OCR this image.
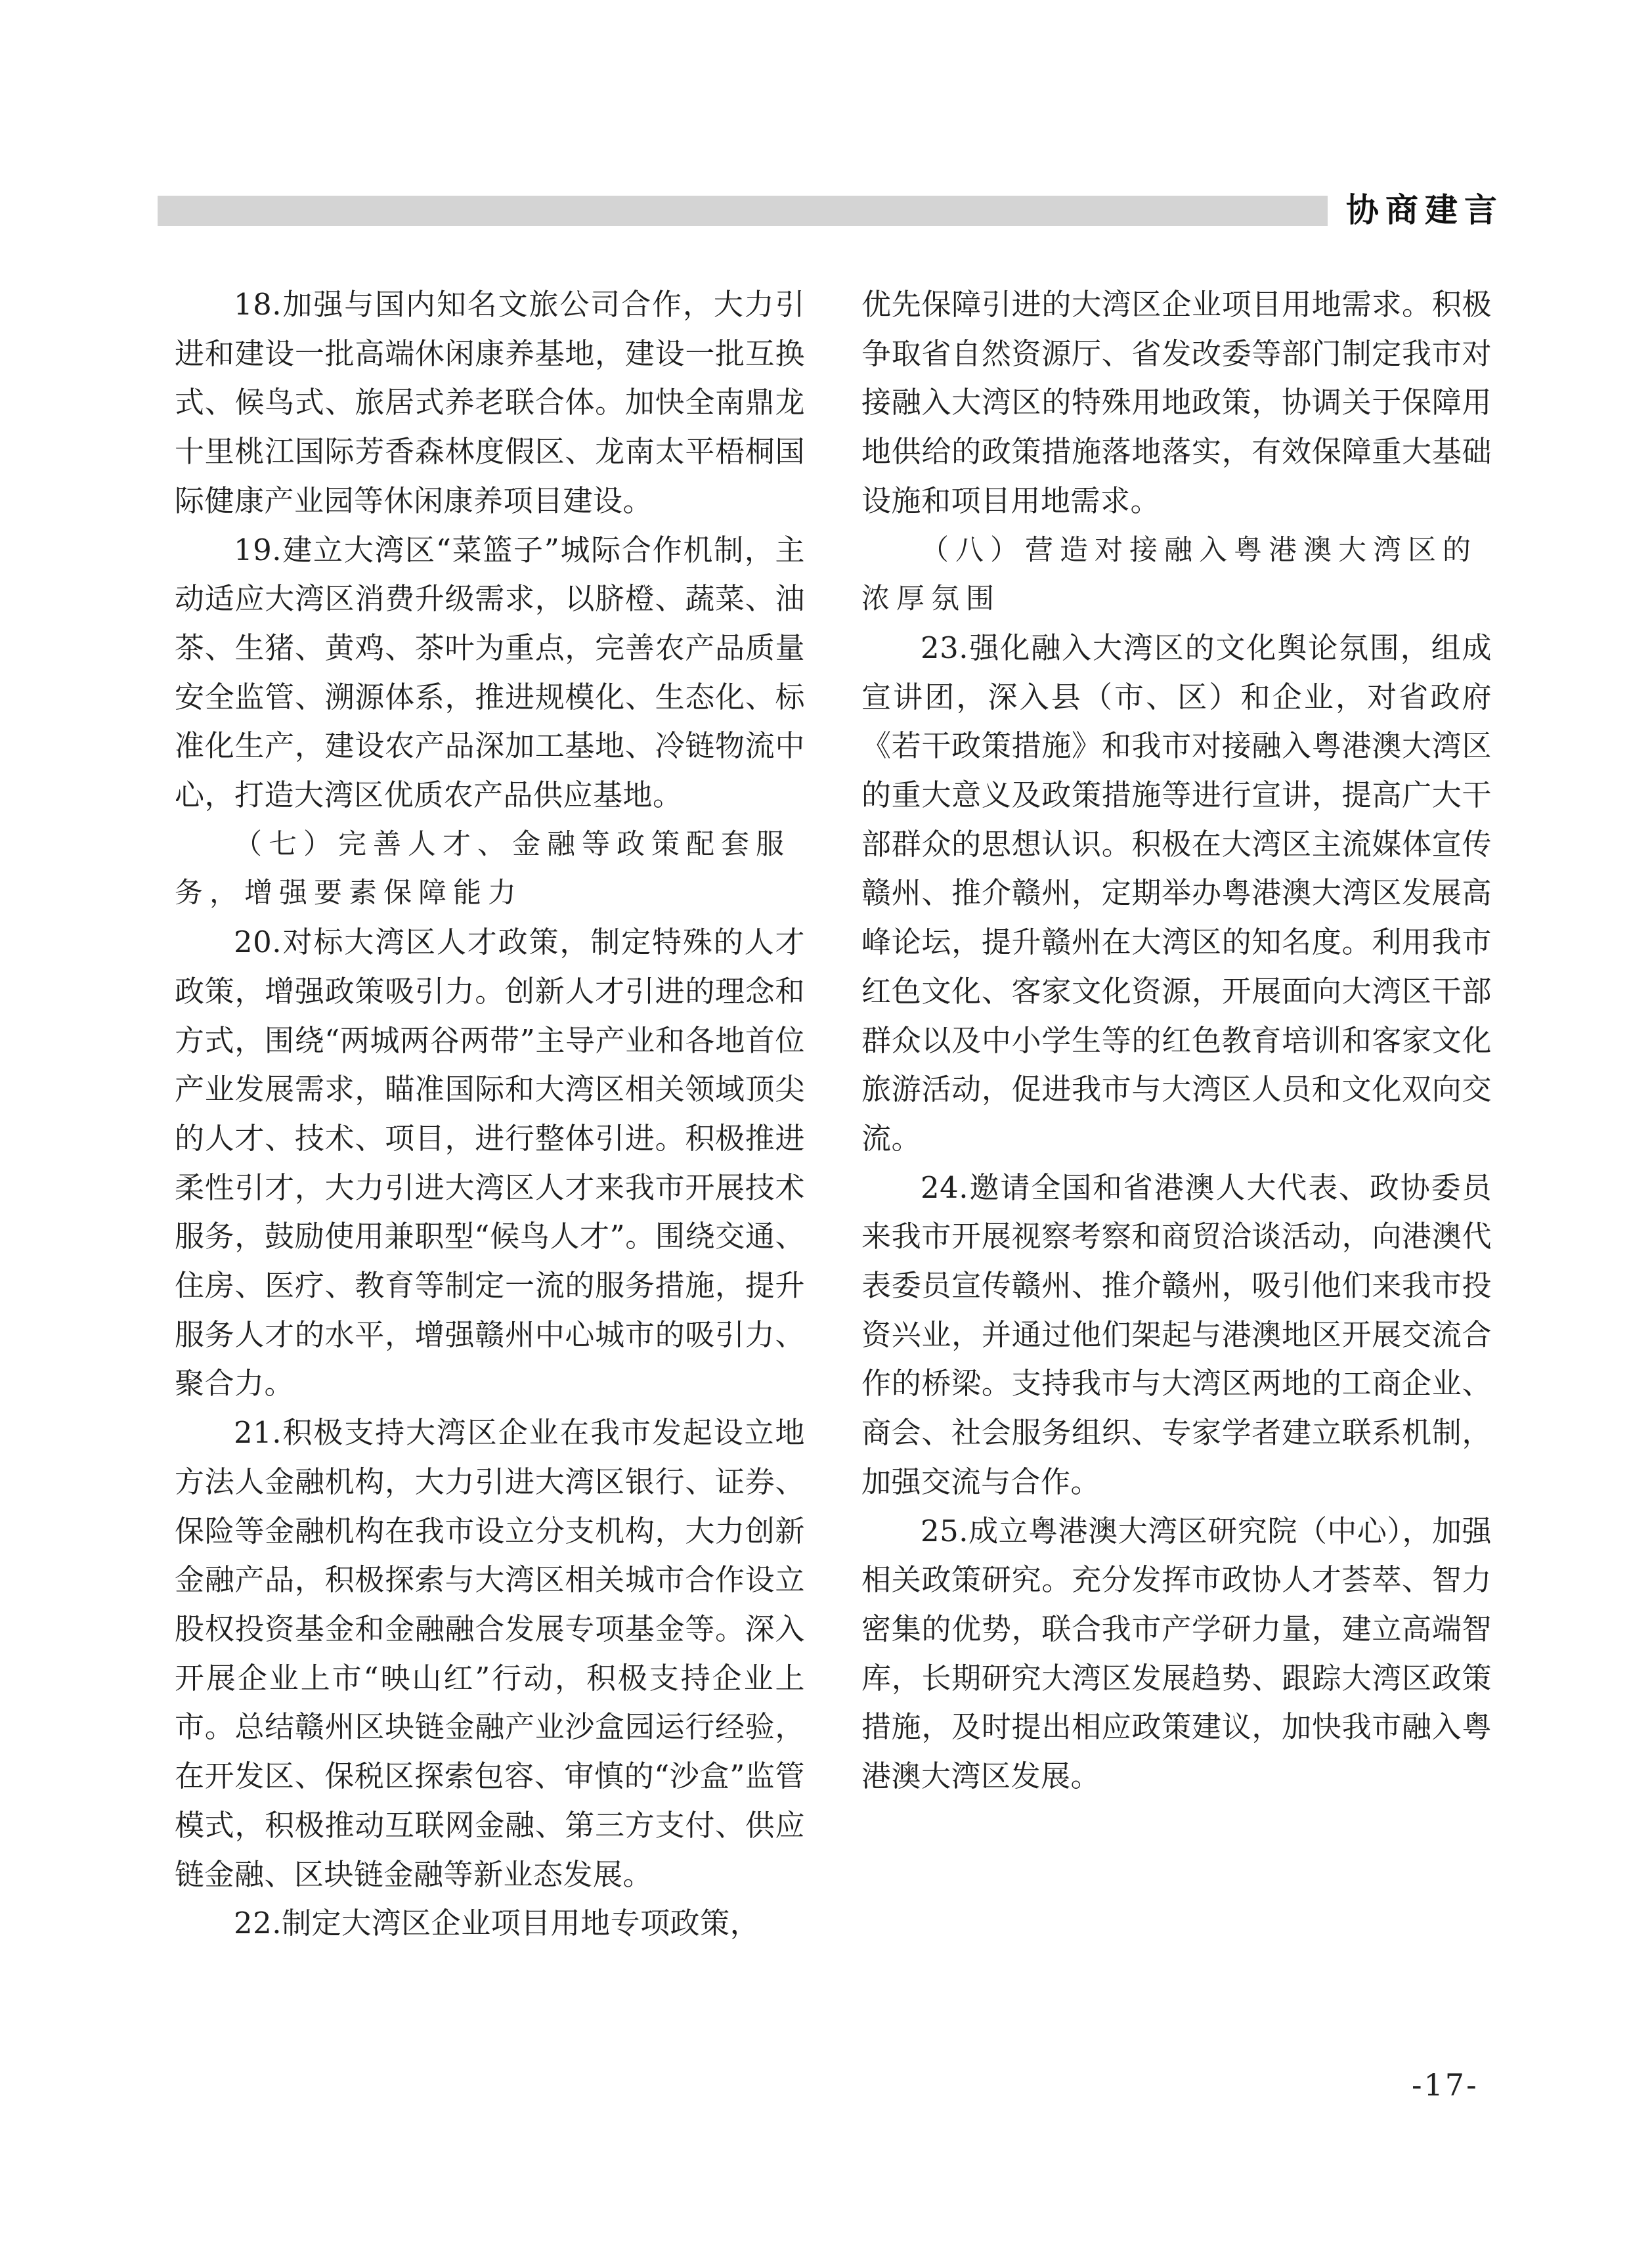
协商建言

18.加强与国内知名文旅公司合作，大力引进和建设一批高端休闲康养基地，建设一批互换式、候鸟式、旅居式养老联合体。加快全南鼎龙十里桃江国际芳香森林度假区、龙南太平梧桐国际健康产业园等休闲康养项目建设。

19.建立大湾区“菜篮子”城际合作机制，主动适应大湾区消费升级需求，以脐橙、蔬菜、油茶、生猪、黄鸡、茶叶为重点，完善农产品质量安全监管、溯源体系，推进规模化、生态化、标准化生产，建设农产品深加工基地、冷链物流中心，打造大湾区优质农产品供应基地。

（七）完善人才、金融等政策配套服务，增强要素保障能力

20.对标大湾区人才政策，制定特殊的人才政策，增强政策吸引力。创新人才引进的理念和方式，围绕“两城两谷两带”主导产业和各地首位产业发展需求，瞄准国际和大湾区相关领域顶尖的人才、技术、项目，进行整体引进。积极推进柔性引才，大力引进大湾区人才来我市开展技术服务，鼓励使用兼职型“候鸟人才”。围绕交通、住房、医疗、教育等制定一流的服务措施，提升服务人才的水平，增强赣州中心城市的吸引力、聚合力。

21.积极支持大湾区企业在我市发起设立地方法人金融机构，大力引进大湾区银行、证券、保险等金融机构在我市设立分支机构，大力创新金融产品，积极探索与大湾区相关城市合作设立股权投资基金和金融融合发展专项基金等。深入开展企业上市“映山红”行动，积极支持企业上市。总结赣州区块链金融产业沙盒园运行经验，在开发区、保税区探索包容、审慎的“沙盒”监管模式，积极推动互联网金融、第三方支付、供应链金融、区块链金融等新业态发展。

22.制定大湾区企业项目用地专项政策，

优先保障引进的大湾区企业项目用地需求。积极争取省自然资源厅、省发改委等部门制定我市对接融入大湾区的特殊用地政策，协调关于保障用地供给的政策措施落地落实，有效保障重大基础设施和项目用地需求。

（八）营造对接融入粤港澳大湾区的浓厚氛围

23.强化融入大湾区的文化舆论氛围，组成宣讲团，深入县（市、区）和企业，对省政府《若干政策措施》和我市对接融入粤港澳大湾区的重大意义及政策措施等进行宣讲，提高广大干部群众的思想认识。积极在大湾区主流媒体宣传赣州、推介赣州，定期举办粤港澳大湾区发展高峰论坛，提升赣州在大湾区的知名度。利用我市红色文化、客家文化资源，开展面向大湾区干部群众以及中小学生等的红色教育培训和客家文化旅游活动，促进我市与大湾区人员和文化双向交流。

24.邀请全国和省港澳人大代表、政协委员来我市开展视察考察和商贸洽谈活动，向港澳代表委员宣传赣州、推介赣州，吸引他们来我市投资兴业，并通过他们架起与港澳地区开展交流合作的桥梁。支持我市与大湾区两地的工商企业、商会、社会服务组织、专家学者建立联系机制，加强交流与合作。

25.成立粤港澳大湾区研究院（中心），加强相关政策研究。充分发挥市政协人才荟萃、智力密集的优势，联合我市产学研力量，建立高端智库，长期研究大湾区发展趋势、跟踪大湾区政策措施，及时提出相应政策建议，加快我市融入粤港澳大湾区发展。

-17-
